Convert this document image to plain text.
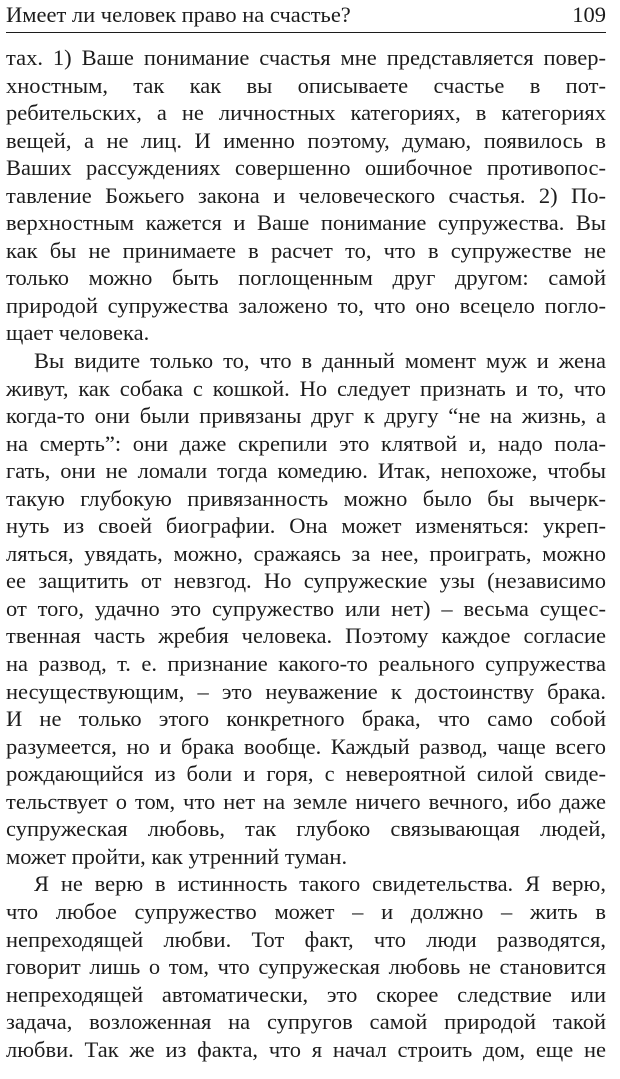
Имеет ли человек право на счастье?	109
тах. 1) Ваше понимание счастья мне представляется повер-
хностным, так как вы описываете счастье в пот-
ребительских, а не личностных категориях, в категориях
вещей, а не лиц. И именно поэтому, думаю, появилось в
Ваших рассуждениях совершенно ошибочное противопос-
тавление Божьего закона и человеческого счастья. 2) По-
верхностным кажется и Ваше понимание супружества. Вы
как бы не принимаете в расчет то, что в супружестве не
только можно быть поглощенным друг другом: самой
природой супружества заложено то, что оно всецело погло-
щает человека.
Вы видите только то, что в данный момент муж и жена
живут, как собака с кошкой. Но следует признать и то, что
когда-то они были привязаны друг к другу “не на жизнь, а
на смерть”: они даже скрепили это клятвой и, надо пола-
гать, они не ломали тогда комедию. Итак, непохоже, чтобы
такую глубокую привязанность можно было бы вычерк-
нуть из своей биографии. Она может изменяться: укреп-
ляться, увядать, можно, сражаясь за нее, проиграть, можно
ее защитить от невзгод. Но супружеские узы (независимо
от того, удачно это супружество или нет) – весьма сущес-
твенная часть жребия человека. Поэтому каждое согласие
на развод, т. е. признание какого-то реального супружества
несуществующим, – это неуважение к достоинству брака.
И не только этого конкретного брака, что само собой
разумеется, но и брака вообще. Каждый развод, чаще всего
рождающийся из боли и горя, с невероятной силой свиде-
тельствует о том, что нет на земле ничего вечного, ибо даже
супружеская любовь, так глубоко связывающая людей,
может пройти, как утренний туман.
Я не верю в истинность такого свидетельства. Я верю,
что любое супружество может – и должно – жить в
непреходящей любви. Тот факт, что люди разводятся,
говорит лишь о том, что супружеская любовь не становится
непреходящей автоматически, это скорее следствие или
задача, возложенная на супругов самой природой такой
любви. Так же из факта, что я начал строить дом, еще не
